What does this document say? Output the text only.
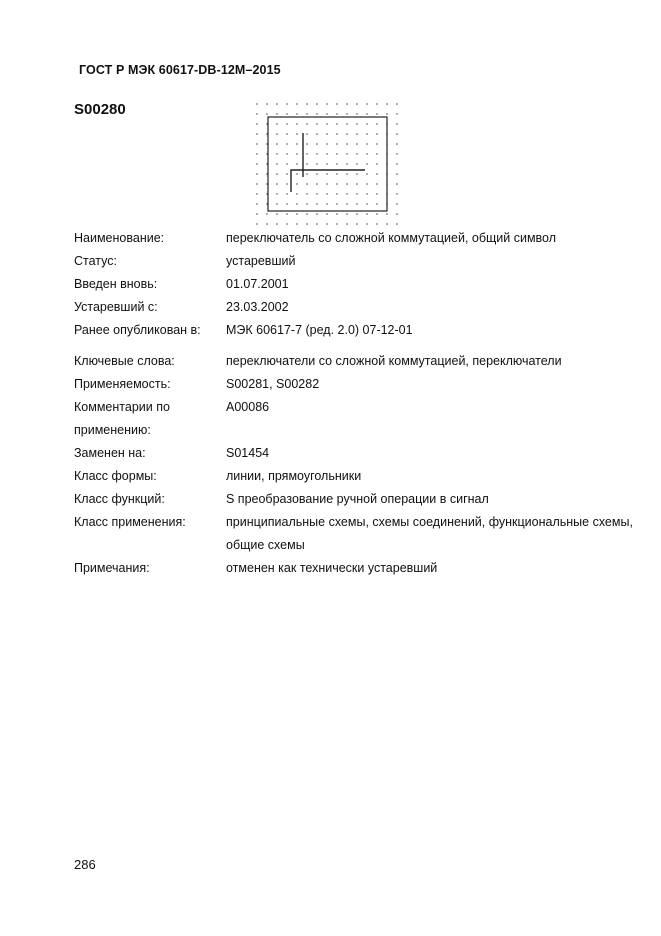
ГОСТ Р МЭК 60617-DB-12M–2015
S00280
Наименование:	переключатель со сложной коммутацией, общий символ
Статус:	устаревший
Введен вновь:	01.07.2001
Устаревший с:	23.03.2002
Ранее опубликован в:	МЭК 60617-7 (ред. 2.0) 07-12-01
Ключевые слова:	переключатели со сложной коммутацией, переключатели
Применяемость:	S00281, S00282
Комментарии по применению:	A00086
Заменен на:	S01454
Класс формы:	линии, прямоугольники
Класс функций:	S преобразование ручной операции в сигнал
Класс применения:	принципиальные схемы, схемы соединений, функциональные схемы, общие схемы
Примечания:	отменен как технически устаревший
286
